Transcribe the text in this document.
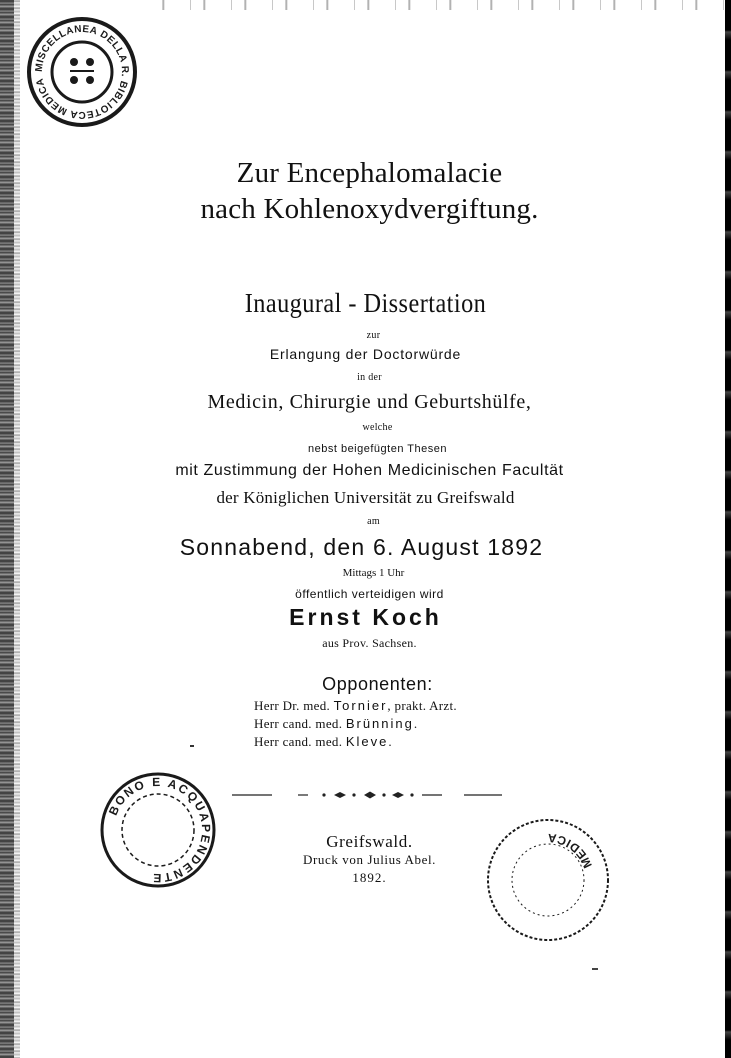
MISCELLANEA DELLA R. BIBLIOTECA MEDICA
Zur Encephalomalacie
nach Kohlenoxydvergiftung.
Inaugural - Dissertation
zur
Erlangung der Doctorwürde
in der
Medicin, Chirurgie und Geburtshülfe,
welche
nebst beigefügten Thesen
mit Zustimmung der Hohen Medicinischen Facultät
der Königlichen Universität zu Greifswald
am
Sonnabend, den 6. August 1892
Mittags 1 Uhr
öffentlich verteidigen wird
Ernst Koch
aus Prov. Sachsen.
Opponenten:
Herr Dr. med. Tornier, prakt. Arzt.
Herr cand. med. Brünning.
Herr cand. med. Kleve.
BONO E ACQUAPENDENTE
Greifswald.
Druck von Julius Abel.
1892.
MEDICA
